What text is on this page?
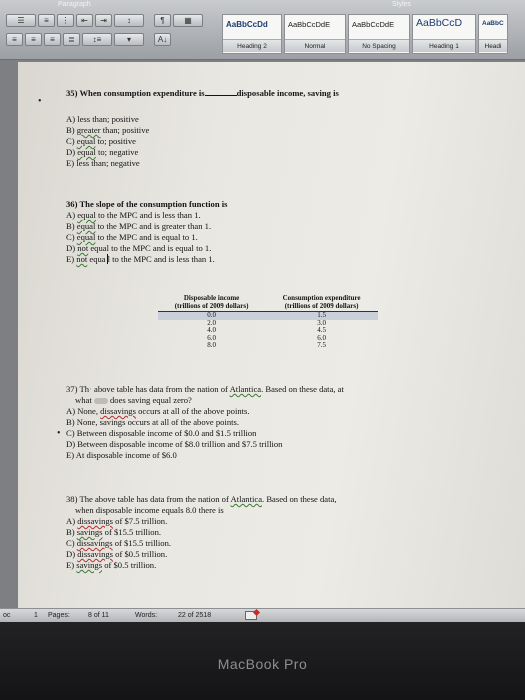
Paragraph	Styles
☰ ≡ ⋮ ⇤ ⇥	↕	¶ ▦
≡ ≡ ≡ ≣ ↕≡	▾	A↓
AaBbCcDd
Heading 2
AaBbCcDdE
Normal
AaBbCcDdE
No Spacing
AaBbCcD
Heading 1
AaBbC
Headi

35) When consumption expenditure is	disposable income, saving is

•

A) less than; positive

B) greater than; positive

C) equal to; positive

D) equal to; negative

E) less than; negative

36) The slope of the consumption function is

A) equal to the MPC and is less than 1.

B) equal to the MPC and is greater than 1.

C) equal to the MPC and is equal to 1.

D) not equal to the MPC and is equal to 1.

E) not equa l to the MPC and is less than 1.

Disposable income
(trillions of 2009 dollars)	Consumption expenditure
(trillions of 2009 dollars)
0.0	1.5
2.0	3.0
4.0	4.5
6.0	6.0
8.0	7.5

37) Th· above table has data from the nation of Atlantica. Based on these data, at

what  does saving equal zero?

A) None, dissavings occurs at all of the above points.

B) None, savings occurs at all of the above points.

C) Between disposable income of $0.0 and $1.5 trillion

D) Between disposable income of $8.0 trillion and $7.5 trillion

E) At disposable income of $6.0

•

38) The above table has data from the nation of Atlantica. Based on these data,

when disposable income equals 8.0 there is

A) dissavings of $7.5 trillion.

B) savings of $15.5 trillion.

C) dissavings of $15.5 trillion.

D) dissavings of $0.5 trillion.

E) savings of $0.5 trillion.

oc	1 Pages:	8 of 11	Words:	22 of 2518
MacBook Pro
